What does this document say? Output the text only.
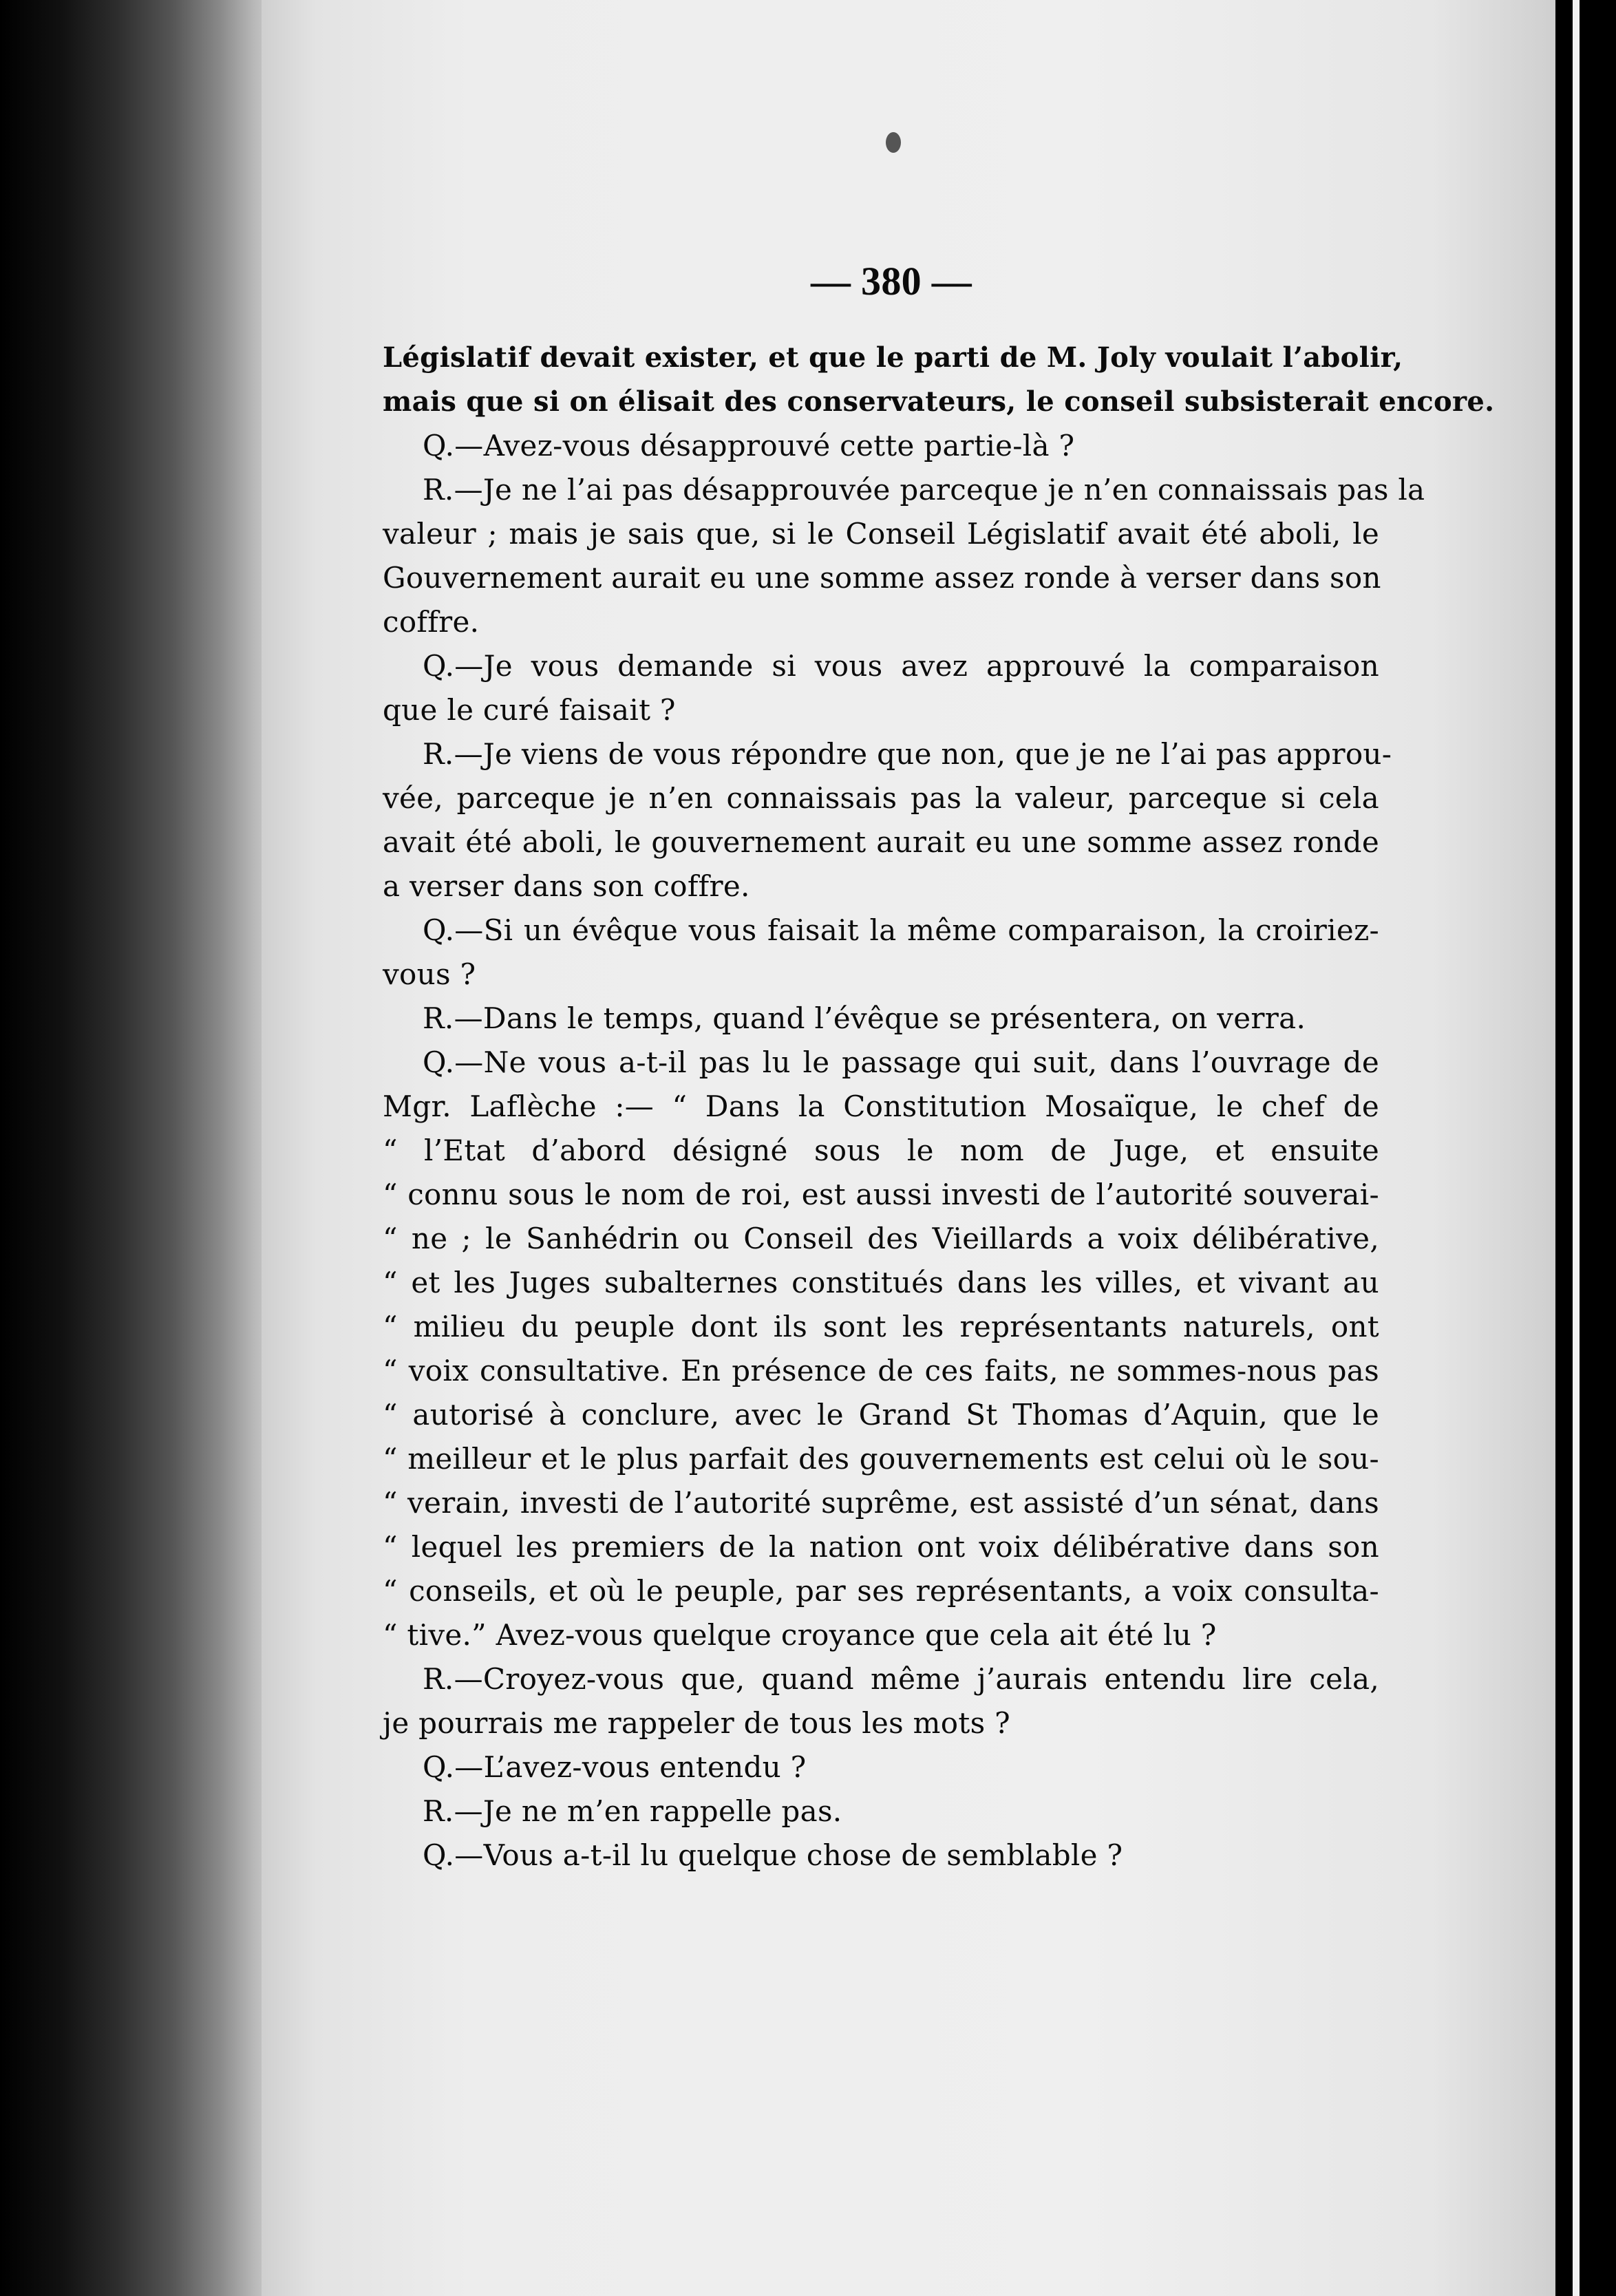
— 380 —
Législatif devait exister, et que le parti de M. Joly voulait l’abolir,
mais que si on élisait des conservateurs, le conseil subsisterait encore.
Q.—Avez-vous désapprouvé cette partie-là ?
R.—Je ne l’ai pas désapprouvée parceque je n’en connaissais pas la
valeur ; mais je sais que, si le Conseil Législatif avait été aboli, le
Gouvernement aurait eu une somme assez ronde à verser dans son
coffre.
Q.—Je vous demande si vous avez approuvé la comparaison
que le curé faisait ?
R.—Je viens de vous répondre que non, que je ne l’ai pas approu-
vée, parceque je n’en connaissais pas la valeur, parceque si cela
avait été aboli, le gouvernement aurait eu une somme assez ronde
a verser dans son coffre.
Q.—Si un évêque vous faisait la même comparaison, la croiriez-
vous ?
R.—Dans le temps, quand l’évêque se présentera, on verra.
Q.—Ne vous a-t-il pas lu le passage qui suit, dans l’ouvrage de
Mgr. Laflèche :— “ Dans la Constitution Mosaïque, le chef de
“ l’Etat d’abord désigné sous le nom de Juge, et ensuite
“ connu sous le nom de roi, est aussi investi de l’autorité souverai-
“ ne ; le Sanhédrin ou Conseil des Vieillards a voix délibérative,
“ et les Juges subalternes constitués dans les villes, et vivant au
“ milieu du peuple dont ils sont les représentants naturels, ont
“ voix consultative. En présence de ces faits, ne sommes-nous pas
“ autorisé à conclure, avec le Grand St Thomas d’Aquin, que le
“ meilleur et le plus parfait des gouvernements est celui où le sou-
“ verain, investi de l’autorité suprême, est assisté d’un sénat, dans
“ lequel les premiers de la nation ont voix délibérative dans son
“ conseils, et où le peuple, par ses représentants, a voix consulta-
“ tive.” Avez-vous quelque croyance que cela ait été lu ?
R.—Croyez-vous que, quand même j’aurais entendu lire cela,
je pourrais me rappeler de tous les mots ?
Q.—L’avez-vous entendu ?
R.—Je ne m’en rappelle pas.
Q.—Vous a-t-il lu quelque chose de semblable ?
